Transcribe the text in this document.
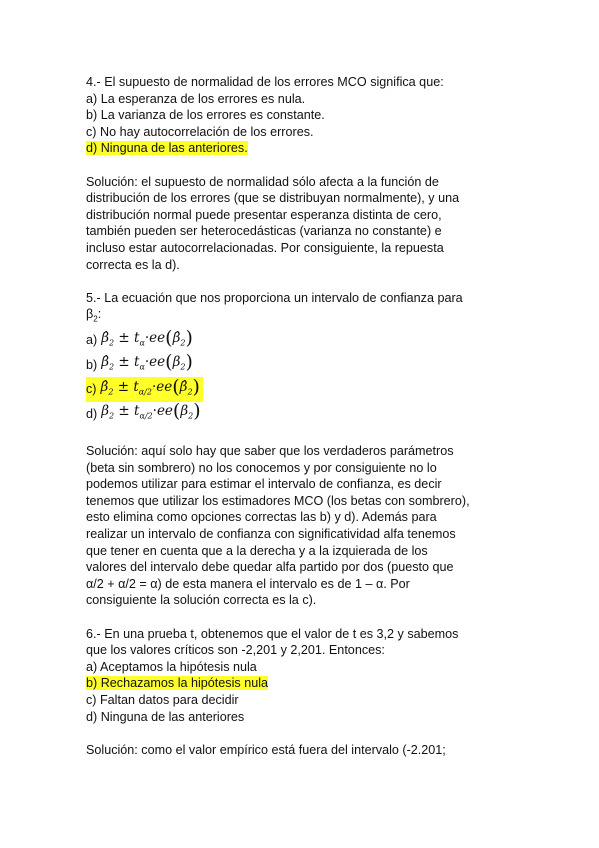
4.- El supuesto de normalidad de los errores MCO significa que:
a) La esperanza de los errores es nula.
b) La varianza de los errores es constante.
c) No hay autocorrelación de los errores.
d) Ninguna de las anteriores.
Solución: el supuesto de normalidad sólo afecta a la función de
distribución de los errores (que se distribuyan normalmente), y una
distribución normal puede presentar esperanza distinta de cero,
también pueden ser heterocedásticas (varianza no constante) e
incluso estar autocorrelacionadas. Por consiguiente, la repuesta
correcta es la d).
5.- La ecuación que nos proporciona un intervalo de confianza para
$\beta_2$:
a) $\betâ_2$ ± $t_\alpha\cdot ee(\betâ_2)$
b) $\betâ_2 \pm t_\alpha\cdot ee(\beta_2)$
c) $\betâ_2$ ± $t_{\alpha/2}\cdot ee(\betâ_2)$
d) $\beta_2 \pm t_{\alpha/2}\cdot ee(\beta_2)$
Solución: aquí solo hay que saber que los verdaderos parámetros
(beta sin sombrero) no los conocemos y por consiguiente no lo
podemos utilizar para estimar el intervalo de confianza, es decir
tenemos que utilizar los estimadores MCO (los betas con sombrero),
esto elimina como opciones correctas las b) y d). Además para
realizar un intervalo de confianza con significatividad alfa tenemos
que tener en cuenta que a la derecha y a la izquierada de los
valores del intervalo debe quedar alfa partido por dos (puesto que
α/2 + α/2 = α) de esta manera el intervalo es de 1 – α. Por
consiguiente la solución correcta es la c).
6.- En una prueba t, obtenemos que el valor de t es 3,2 y sabemos
que los valores críticos son -2,201 y 2,201. Entonces:
a) Aceptamos la hipótesis nula
b) Rechazamos la hipótesis nula
c) Faltan datos para decidir
d) Ninguna de las anteriores
Solución: como el valor empírico está fuera del intervalo (-2.201;
